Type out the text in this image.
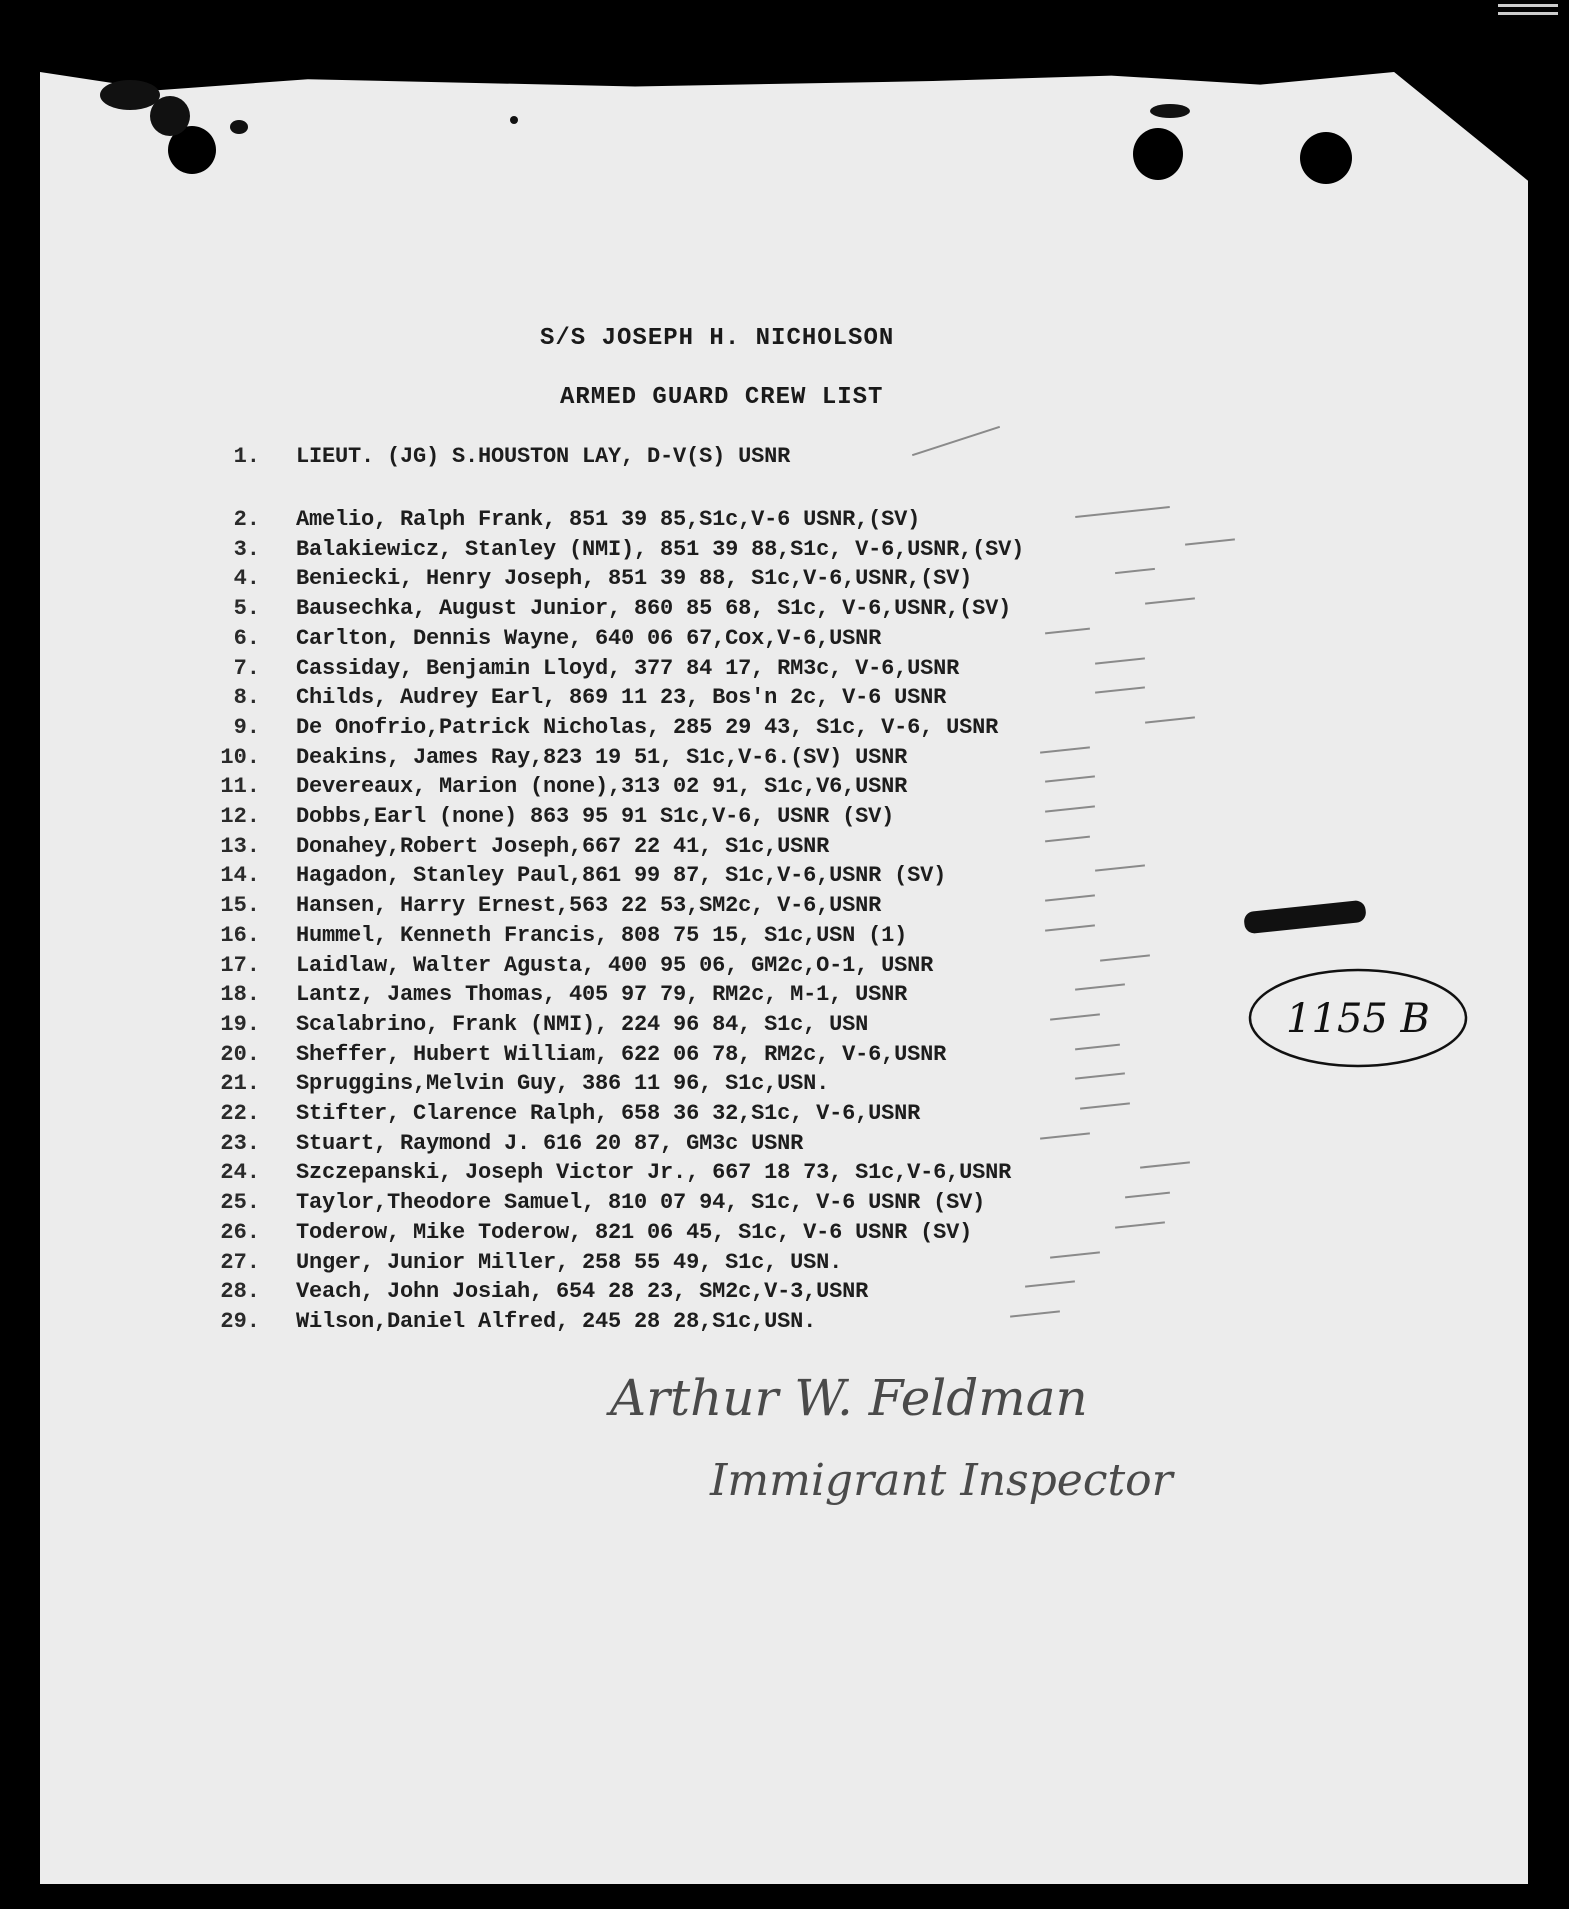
S/S JOSEPH H. NICHOLSON
ARMED GUARD CREW LIST
1. LIEUT. (JG) S.HOUSTON LAY, D-V(S) USNR
2. Amelio, Ralph Frank, 851 39 85,S1c,V-6 USNR,(SV)
3. Balakiewicz, Stanley (NMI), 851 39 88,S1c, V-6,USNR,(SV)
4. Beniecki, Henry Joseph, 851 39 88, S1c,V-6,USNR,(SV)
5. Bausechka, August Junior, 860 85 68, S1c, V-6,USNR,(SV)
6. Carlton, Dennis Wayne, 640 06 67,Cox,V-6,USNR
7. Cassiday, Benjamin Lloyd, 377 84 17, RM3c, V-6,USNR
8. Childs, Audrey Earl, 869 11 23, Bos'n 2c, V-6 USNR
9. De Onofrio,Patrick Nicholas, 285 29 43, S1c, V-6, USNR
10. Deakins, James Ray,823 19 51, S1c,V-6.(SV) USNR
11. Devereaux, Marion (none),313 02 91, S1c,V6,USNR
12. Dobbs,Earl (none) 863 95 91 S1c,V-6, USNR (SV)
13. Donahey,Robert Joseph,667 22 41, S1c,USNR
14. Hagadon, Stanley Paul,861 99 87, S1c,V-6,USNR (SV)
15. Hansen, Harry Ernest,563 22 53,SM2c, V-6,USNR
16. Hummel, Kenneth Francis, 808 75 15, S1c,USN (1)
17. Laidlaw, Walter Agusta, 400 95 06, GM2c,O-1, USNR
18. Lantz, James Thomas, 405 97 79, RM2c, M-1, USNR
19. Scalabrino, Frank (NMI), 224 96 84, S1c, USN
20. Sheffer, Hubert William, 622 06 78, RM2c, V-6,USNR
21. Spruggins,Melvin Guy, 386 11 96, S1c,USN.
22. Stifter, Clarence Ralph, 658 36 32,S1c, V-6,USNR
23. Stuart, Raymond J. 616 20 87, GM3c USNR
24. Szczepanski, Joseph Victor Jr., 667 18 73, S1c,V-6,USNR
25. Taylor,Theodore Samuel, 810 07 94, S1c, V-6 USNR (SV)
26. Toderow, Mike Toderow, 821 06 45, S1c, V-6 USNR (SV)
27. Unger, Junior Miller, 258 55 49, S1c, USN.
28. Veach, John Josiah, 654 28 23, SM2c,V-3,USNR
29. Wilson,Daniel Alfred, 245 28 28,S1c,USN.
1155 B
Arthur W. Feldman
Immigrant Inspector
